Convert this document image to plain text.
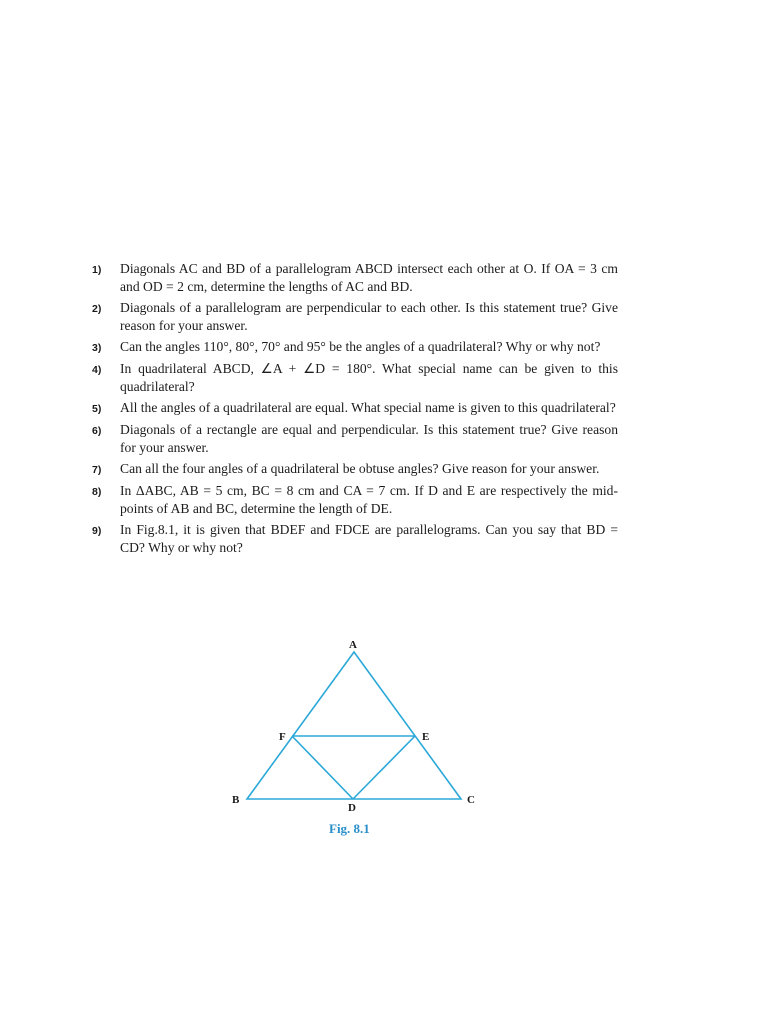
1)	Diagonals AC and BD of a parallelogram ABCD intersect each other at O. If OA = 3 cm and OD = 2 cm, determine the lengths of AC and BD.
2)	Diagonals of a parallelogram are perpendicular to each other. Is this statement true? Give reason for your answer.
3)	Can the angles 110°, 80°, 70° and 95° be the angles of a quadrilateral? Why or why not?
4)	In quadrilateral ABCD, ∠A + ∠D = 180°. What special name can be given to this quadrilateral?
5)	All the angles of a quadrilateral are equal. What special name is given to this quadrilateral?
6)	Diagonals of a rectangle are equal and perpendicular. Is this statement true? Give reason for your answer.
7)	Can all the four angles of a quadrilateral be obtuse angles? Give reason for your answer.
8)	In ΔABC, AB = 5 cm, BC = 8 cm and CA = 7 cm. If D and E are respectively the mid-points of AB and BC, determine the length of DE.
9)	In Fig.8.1, it is given that BDEF and FDCE are parallelograms. Can you say that BD = CD? Why or why not?
A
F	E
B	C
D
Fig. 8.1
